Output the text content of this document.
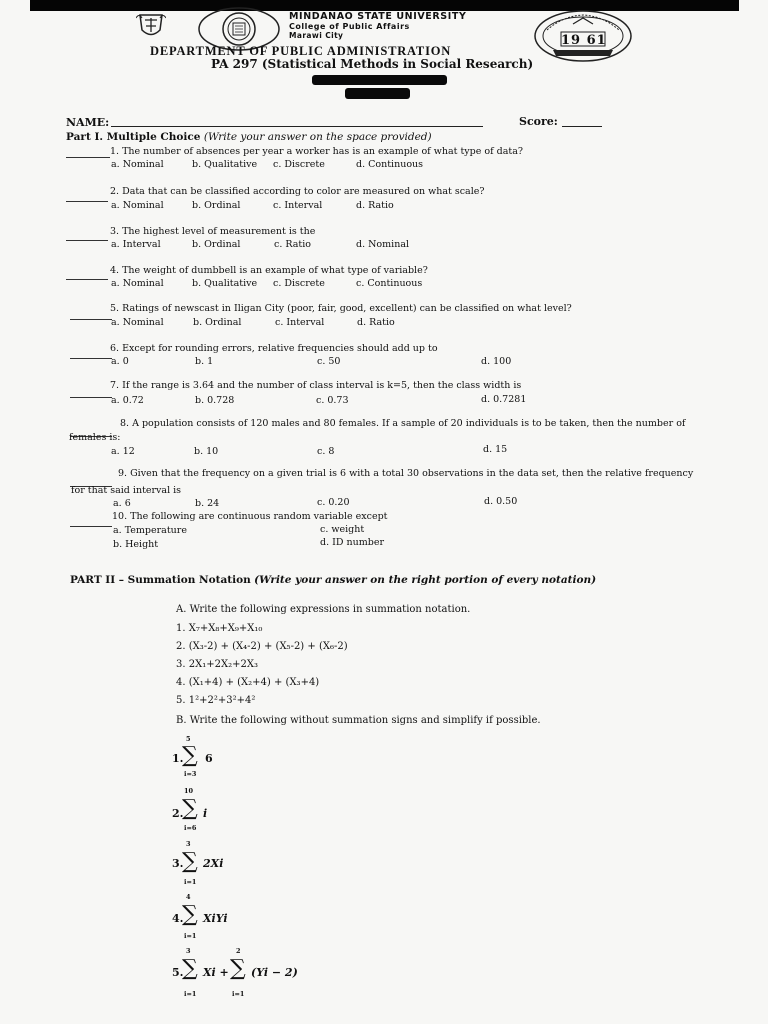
19 61
MINDANAO STATE UNIVERSITY
College of Public Affairs
Marawi City
DEPARTMENT OF PUBLIC ADMINISTRATION
PA 297 (Statistical Methods in Social Research)
NAME:	Score:
Part I. Multiple Choice (Write your answer on the space provided)
1. The number of absences per year a worker has is an example of what type of data?
a. Nominal	b. Qualitative c. Discrete	d. Continuous
2. Data that can be classified according to color are measured on what scale?
a. Nominal	b. Ordinal	c. Interval	d. Ratio
3. The highest level of measurement is the
a. Interval	b. Ordinal	c. Ratio	d. Nominal
4. The weight of dumbbell is an example of what type of variable?
a. Nominal	b. Qualitative c. Discrete	c. Continuous
5. Ratings of newscast in Iligan City (poor, fair, good, excellent) can be classified on what level?
a. Nominal	b. Ordinal	c. Interval	d. Ratio
6. Except for rounding errors, relative frequencies should add up to
a. 0	b. 1	c. 50	d. 100
7. If the range is 3.64 and the number of class interval is k=5, then the class width is
a. 0.72	b. 0.728	c. 0.73	d. 0.7281
8. A population consists of 120 males and 80 females. If a sample of 20 individuals is to be taken, then the number of
females is:
a. 12	b. 10	c. 8	d. 15
9. Given that the frequency on a given trial is 6 with a total 30 observations in the data set, then the relative frequency
for that said interval is
a. 6	b. 24	c. 0.20	d. 0.50
10. The following are continuous random variable except
a. Temperature	c. weight
b. Height	d. ID number
PART II – Summation Notation (Write your answer on the right portion of every notation)
A. Write the following expressions in summation notation.
1. X₇+X₈+X₉+X₁₀
2. (X₃-2) + (X₄-2) + (X₅-2) + (X₆-2)
3. 2X₁+2X₂+2X₃
4. (X₁+4) + (X₂+4) + (X₃+4)
5. 1²+2²+3²+4²
B. Write the following without summation signs and simplify if possible.
1.
5
∑
i=3
6
2.
10
∑
i=6
i
3.
3
∑
i=1
2Xi
4.
4
∑
i=1
XiYi
5.
3
∑
i=1
Xi +
2
∑
i=1
(Yi − 2)
